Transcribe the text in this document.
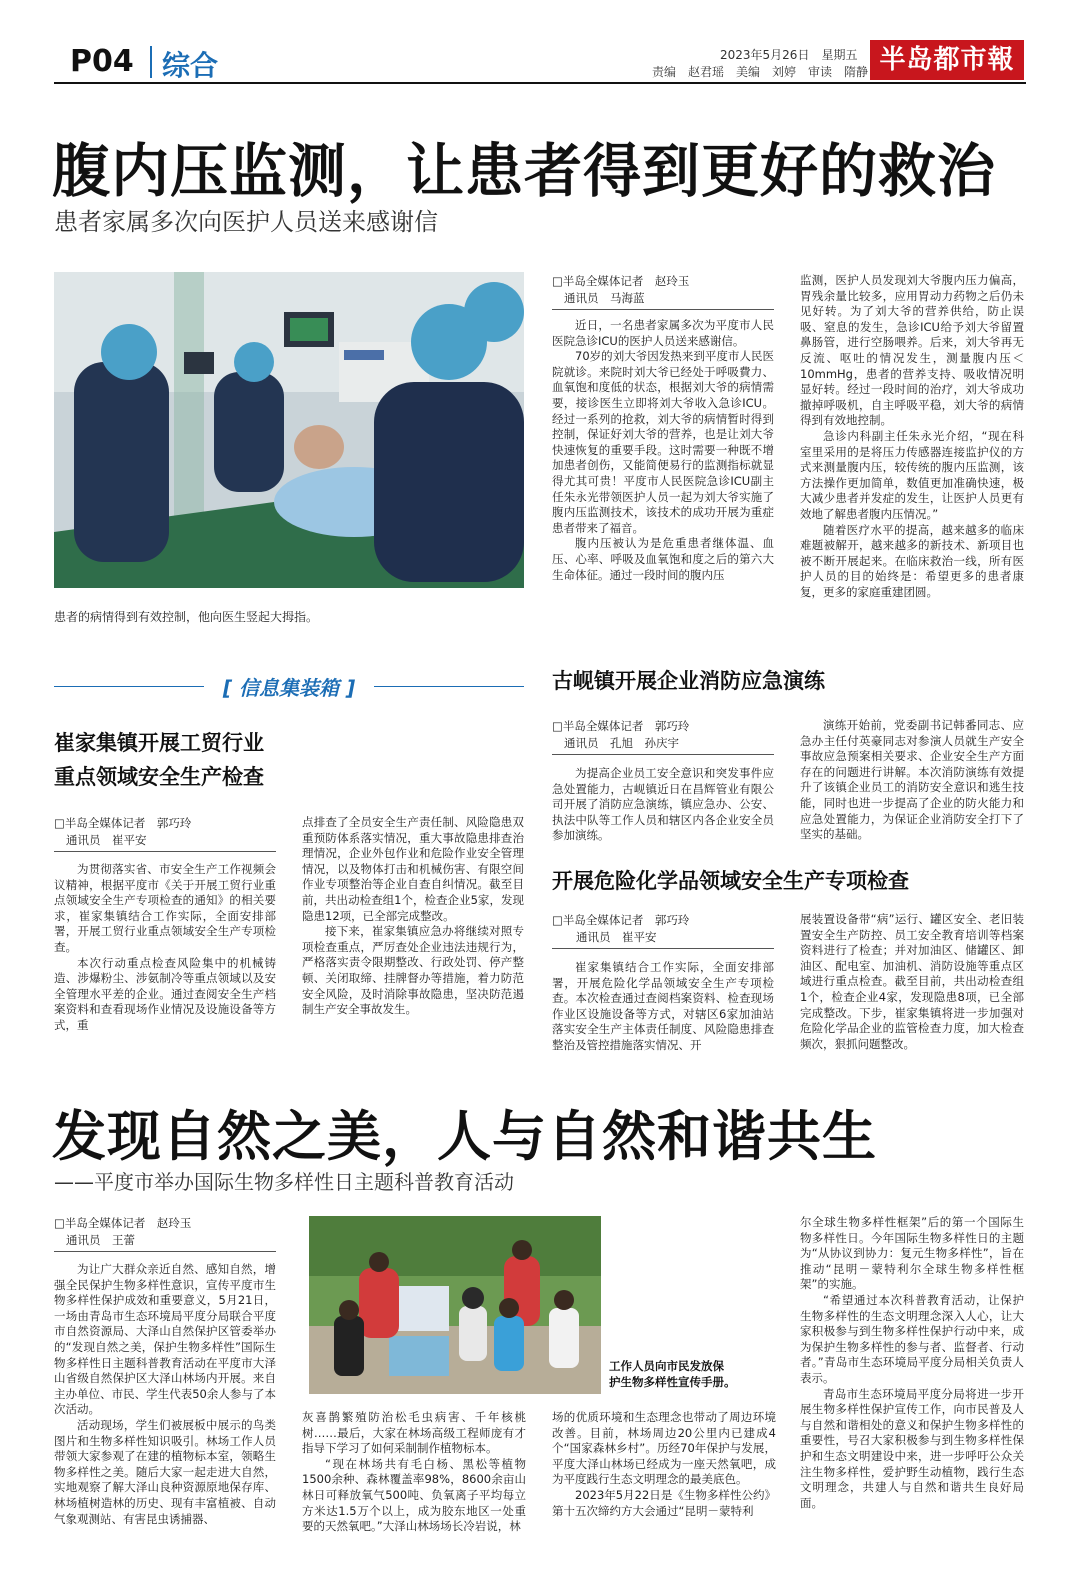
P04 综合	2023年5月26日　星期五
责编　赵君瑶　美编　刘婷　审读　隋静 半岛都市報
腹内压监测，让患者得到更好的救治
患者家属多次向医护人员送来感谢信
患者的病情得到有效控制，他向医生竖起大拇指。
□半岛全媒体记者　赵玲玉
通讯员　马海蓝

近日，一名患者家属多次为平度市人民医院急诊ICU的医护人员送来感谢信。

70岁的刘大爷因发热来到平度市人民医院就诊。来院时刘大爷已经处于呼吸費力、血氧饱和度低的状态，根据刘大爷的病情需要，接诊医生立即将刘大爷收入急诊ICU。经过一系列的抢救，刘大爷的病情暂时得到控制，保证好刘大爷的营养，也是让刘大爷快速恢复的重要手段。这时需要一种既不增加患者创伤，又能简便易行的监测指标就显得尤其可贵！平度市人民医院急诊ICU副主任朱永光带领医护人员一起为刘大爷实施了腹内压监测技术，该技术的成功开展为重症患者带来了福音。

腹内压被认为是危重患者继体温、血压、心率、呼吸及血氧饱和度之后的第六大生命体征。通过一段时间的腹内压

监测，医护人员发现刘大爷腹内压力偏高，胃残余量比较多，应用胃动力药物之后仍未见好转。为了刘大爷的营养供给，防止误吸、窒息的发生，急诊ICU给予刘大爷留置鼻肠管，进行空肠喂养。后来，刘大爷再无反流、呕吐的情况发生，测量腹内压＜10mmHg，患者的营养支持、吸收情况明显好转。经过一段时间的治疗，刘大爷成功撤掉呼吸机，自主呼吸平稳，刘大爷的病情得到有效地控制。

急诊内科副主任朱永光介绍，“现在科室里采用的是将压力传感器连接监护仪的方式来测量腹内压，较传统的腹内压监测，该方法操作更加简单，数值更加准确快速，极大减少患者并发症的发生，让医护人员更有效地了解患者腹内压情况。”

随着医疗水平的提高，越来越多的临床难题被解开，越来越多的新技术、新项目也被不断开展起来。在临床救治一线，所有医护人员的目的始终是：希望更多的患者康复，更多的家庭重建团圆。

[ 信息集装箱 ]
崔家集镇开展工贸行业
重点领域安全生产检查
□半岛全媒体记者　郭巧玲
通讯员　崔平安

为贯彻落实省、市安全生产工作视频会议精神，根据平度市《关于开展工贸行业重点领域安全生产专项检查的通知》的相关要求，崔家集镇结合工作实际，全面安排部署，开展工贸行业重点领域安全生产专项检查。

本次行动重点检查风险集中的机械铸造、涉爆粉尘、涉氨制冷等重点领域以及安全管理水平差的企业。通过查阅安全生产档案资料和查看现场作业情况及设施设备等方式，重

点排查了全员安全生产责任制、风险隐患双重预防体系落实情况，重大事故隐患排查治理情况，企业外包作业和危险作业安全管理情况，以及物体打击和机械伤害、有限空间作业专项整治等企业自查自纠情况。截至目前，共出动检查组1个，检查企业5家，发现隐患12项，已全部完成整改。

接下来，崔家集镇应急办将继续对照专项检查重点，严厉查处企业违法违规行为，严格落实责令限期整改、行政处罚、停产整顿、关闭取缔、挂牌督办等措施，着力防范安全风险，及时消除事故隐患，坚决防范遏制生产安全事故发生。

古岘镇开展企业消防应急演练
□半岛全媒体记者　郭巧玲
通讯员　孔旭　孙庆宇

为提高企业员工安全意识和突发事件应急处置能力，古岘镇近日在昌辉管业有限公司开展了消防应急演练，镇应急办、公安、执法中队等工作人员和辖区内各企业安全员参加演练。

演练开始前，党委副书记韩番同志、应急办主任付英豪同志对参演人员就生产安全事故应急预案相关要求、企业安全生产方面存在的问题进行讲解。本次消防演练有效提升了该镇企业员工的消防安全意识和逃生技能，同时也进一步提高了企业的防火能力和应急处置能力，为保证企业消防安全打下了坚实的基础。

开展危险化学品领域安全生产专项检查
□半岛全媒体记者　郭巧玲
通讯员　崔平安

崔家集镇结合工作实际，全面安排部署，开展危险化学品领域安全生产专项检查。本次检查通过查阅档案资料、检查现场作业区设施设备等方式，对辖区6家加油站落实安全生产主体责任制度、风险隐患排查整治及管控措施落实情况、开

展装置设备带“病”运行、罐区安全、老旧装置安全生产防控、员工安全教育培训等档案资料进行了检查；并对加油区、储罐区、卸油区、配电室、加油机、消防设施等重点区域进行重点检查。截至目前，共出动检查组1个，检查企业4家，发现隐患8项，已全部完成整改。下步，崔家集镇将进一步加强对危险化学品企业的监管检查力度，加大检查频次，狠抓问题整改。

发现自然之美，人与自然和谐共生
——平度市举办国际生物多样性日主题科普教育活动
□半岛全媒体记者　赵玲玉
通讯员　王蕾

为让广大群众亲近自然、感知自然，增强全民保护生物多样性意识，宣传平度市生物多样性保护成效和重要意义，5月21日，一场由青岛市生态环境局平度分局联合平度市自然资源局、大泽山自然保护区管委举办的“发现自然之美，保护生物多样性”国际生物多样性日主题科普教育活动在平度市大泽山省级自然保护区大泽山林场内开展。来自主办单位、市民、学生代表50余人参与了本次活动。

活动现场，学生们被展板中展示的鸟类图片和生物多样性知识吸引。林场工作人员带领大家参观了在建的植物标本室，领略生物多样性之美。随后大家一起走进大自然，实地观察了解大泽山良种资源原地保存库、林场植树造林的历史、现有丰富植被、自动气象观测站、有害昆虫诱捕器、

工作人员向市民发放保
护生物多样性宣传手册。

灰喜鹊繁殖防治松毛虫病害、千年核桃树……最后，大家在林场高级工程师庞有才指导下学习了如何采制制作植物标本。

“现在林场共有毛白杨、黑松等植物1500余种、森林覆盖率98%，8600余亩山林日可释放氧气500吨、负氧离子平均每立方米达1.5万个以上，成为胶东地区一处重要的天然氧吧。”大泽山林场场长冷岩说，林

场的优质环境和生态理念也带动了周边环境改善。目前，林场周边20公里内已建成4个“国家森林乡村”。历经70年保护与发展，平度大泽山林场已经成为一座天然氧吧，成为平度践行生态文明理念的最美底色。

2023年5月22日是《生物多样性公约》第十五次缔约方大会通过“昆明－蒙特利

尔全球生物多样性框架”后的第一个国际生物多样性日。今年国际生物多样性日的主题为“从协议到协力：复元生物多样性”，旨在推动“昆明－蒙特利尔全球生物多样性框架”的实施。

“希望通过本次科普教育活动，让保护生物多样性的生态文明理念深入人心，让大家积极参与到生物多样性保护行动中来，成为保护生物多样性的参与者、监督者、行动者。”青岛市生态环境局平度分局相关负责人表示。

青岛市生态环境局平度分局将进一步开展生物多样性保护宣传工作，向市民普及人与自然和谐相处的意义和保护生物多样性的重要性，号召大家积极参与到生物多样性保护和生态文明建设中来，进一步呼吁公众关注生物多样性，爱护野生动植物，践行生态文明理念，共建人与自然和谐共生良好局面。
